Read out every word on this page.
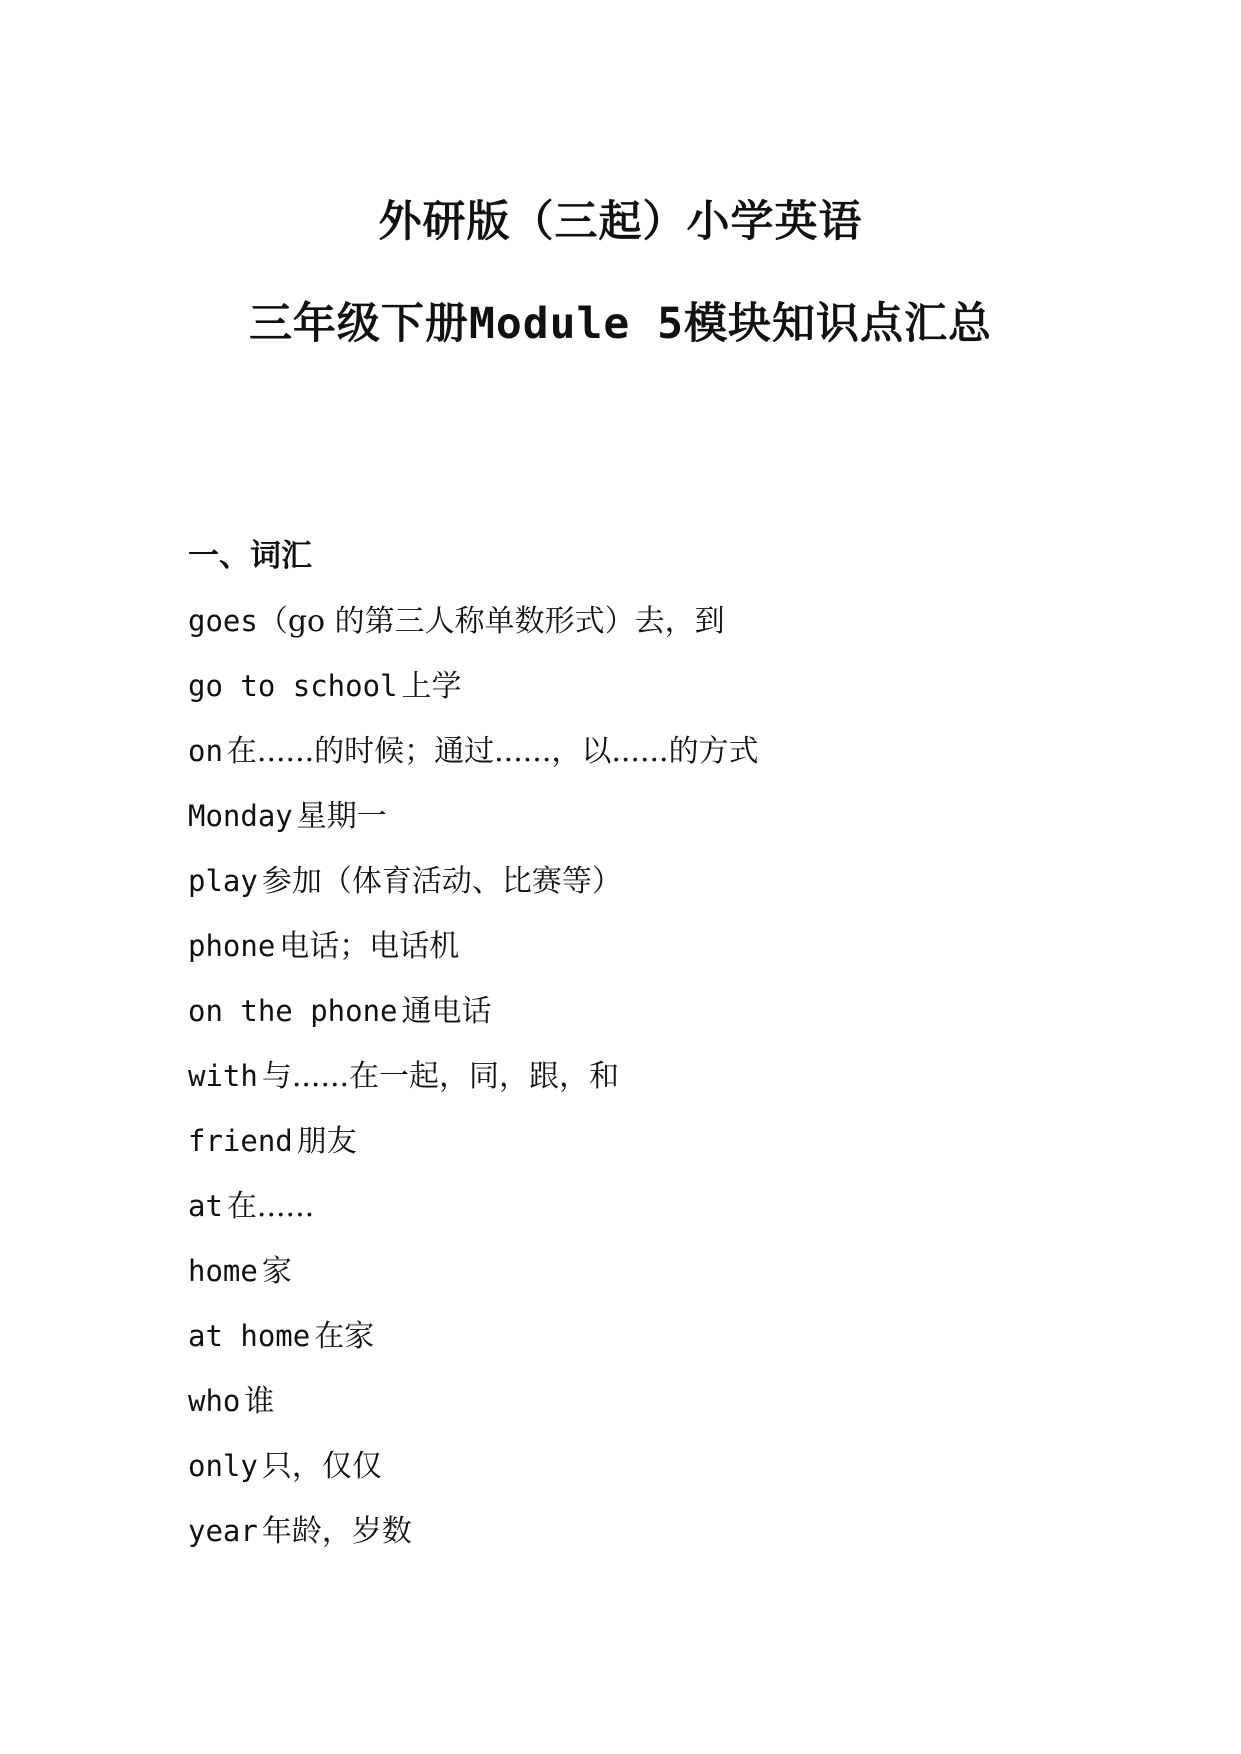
外研版（三起）小学英语
三年级下册Module 5模块知识点汇总
一、词汇
goes（go 的第三人称单数形式）去，到
go to school 上学
on 在......的时候；通过......，以......的方式
Monday 星期一
play 参加（体育活动、比赛等）
phone 电话；电话机
on the phone 通电话
with 与......在一起，同，跟，和
friend 朋友
at 在......
home 家
at home 在家
who 谁
only 只，仅仅
year 年龄，岁数
